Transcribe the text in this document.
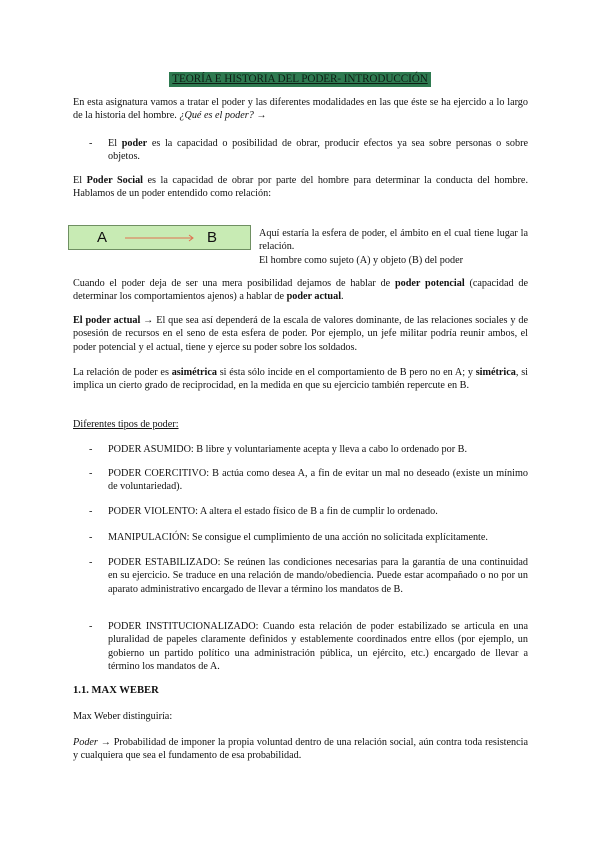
TEORÍA E HISTORIA DEL PODER- INTRODUCCIÓN

En esta asignatura vamos a tratar el poder y las diferentes modalidades en las que éste se ha ejercido a lo largo de la historia del hombre. ¿Qué es el poder? →

- El poder es la capacidad o posibilidad de obrar, producir efectos ya sea sobre personas o sobre objetos.

El Poder Social es la capacidad de obrar por parte del hombre para determinar la conducta del hombre. Hablamos de un poder entendido como relación:

A	B	Aquí estaría la esfera de poder, el ámbito en el cual tiene lugar la relación.
El hombre como sujeto (A) y objeto (B) del poder

Cuando el poder deja de ser una mera posibilidad dejamos de hablar de poder potencial (capacidad de determinar los comportamientos ajenos) a hablar de poder actual.

El poder actual → El que sea así dependerá de la escala de valores dominante, de las relaciones sociales y de posesión de recursos en el seno de esta esfera de poder. Por ejemplo, un jefe militar podría reunir ambos, el poder potencial y el actual, tiene y ejerce su poder sobre los soldados.

La relación de poder es asimétrica si ésta sólo incide en el comportamiento de B pero no en A; y simétrica, si implica un cierto grado de reciprocidad, en la medida en que su ejercicio también repercute en B.

Diferentes tipos de poder:

- PODER ASUMIDO: B libre y voluntariamente acepta y lleva a cabo lo ordenado por B.
- PODER COERCITIVO: B actúa como desea A, a fin de evitar un mal no deseado (existe un mínimo de voluntariedad).
- PODER VIOLENTO: A altera el estado físico de B a fin de cumplir lo ordenado.
- MANIPULACIÓN: Se consigue el cumplimiento de una acción no solicitada explícitamente.
- PODER ESTABILIZADO: Se reúnen las condiciones necesarias para la garantía de una continuidad en su ejercicio. Se traduce en una relación de mando/obediencia. Puede estar acompañado o no por un aparato administrativo encargado de llevar a término los mandatos de B.
- PODER INSTITUCIONALIZADO: Cuando esta relación de poder estabilizado se articula en una pluralidad de papeles claramente definidos y establemente coordinados entre ellos (por ejemplo, un gobierno un partido político una administración pública, un ejército, etc.) encargado de llevar a término los mandatos de A.
1.1. MAX WEBER

Max Weber distinguiría:

Poder → Probabilidad de imponer la propia voluntad dentro de una relación social, aún contra toda resistencia y cualquiera que sea el fundamento de esa probabilidad.
